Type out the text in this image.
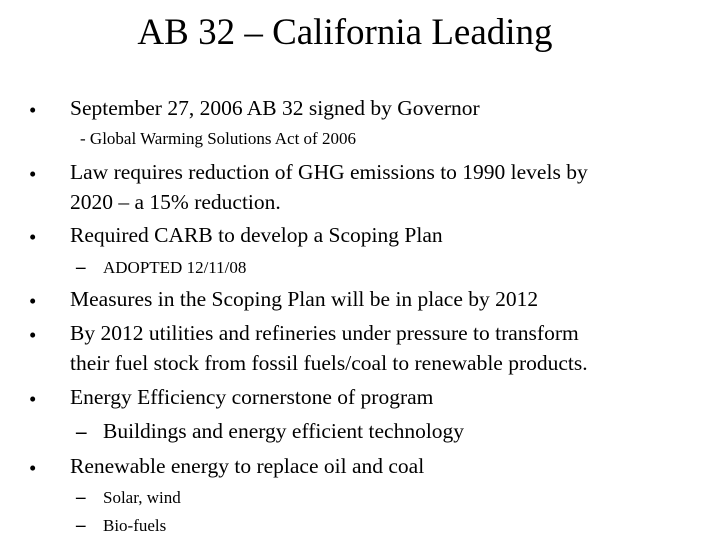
AB 32 – California Leading
• September 27, 2006 AB 32 signed by Governor
- Global Warming Solutions Act of 2006
• Law requires reduction of GHG emissions to 1990 levels by
2020 – a 15% reduction.
• Required CARB to develop a Scoping Plan
– ADOPTED 12/11/08
• Measures in the Scoping Plan will be in place by 2012
• By 2012 utilities and refineries under pressure to transform
their fuel stock from fossil fuels/coal to renewable products.
• Energy Efficiency cornerstone of program
– Buildings and energy efficient technology
• Renewable energy to replace oil and coal
– Solar, wind
– Bio-fuels
